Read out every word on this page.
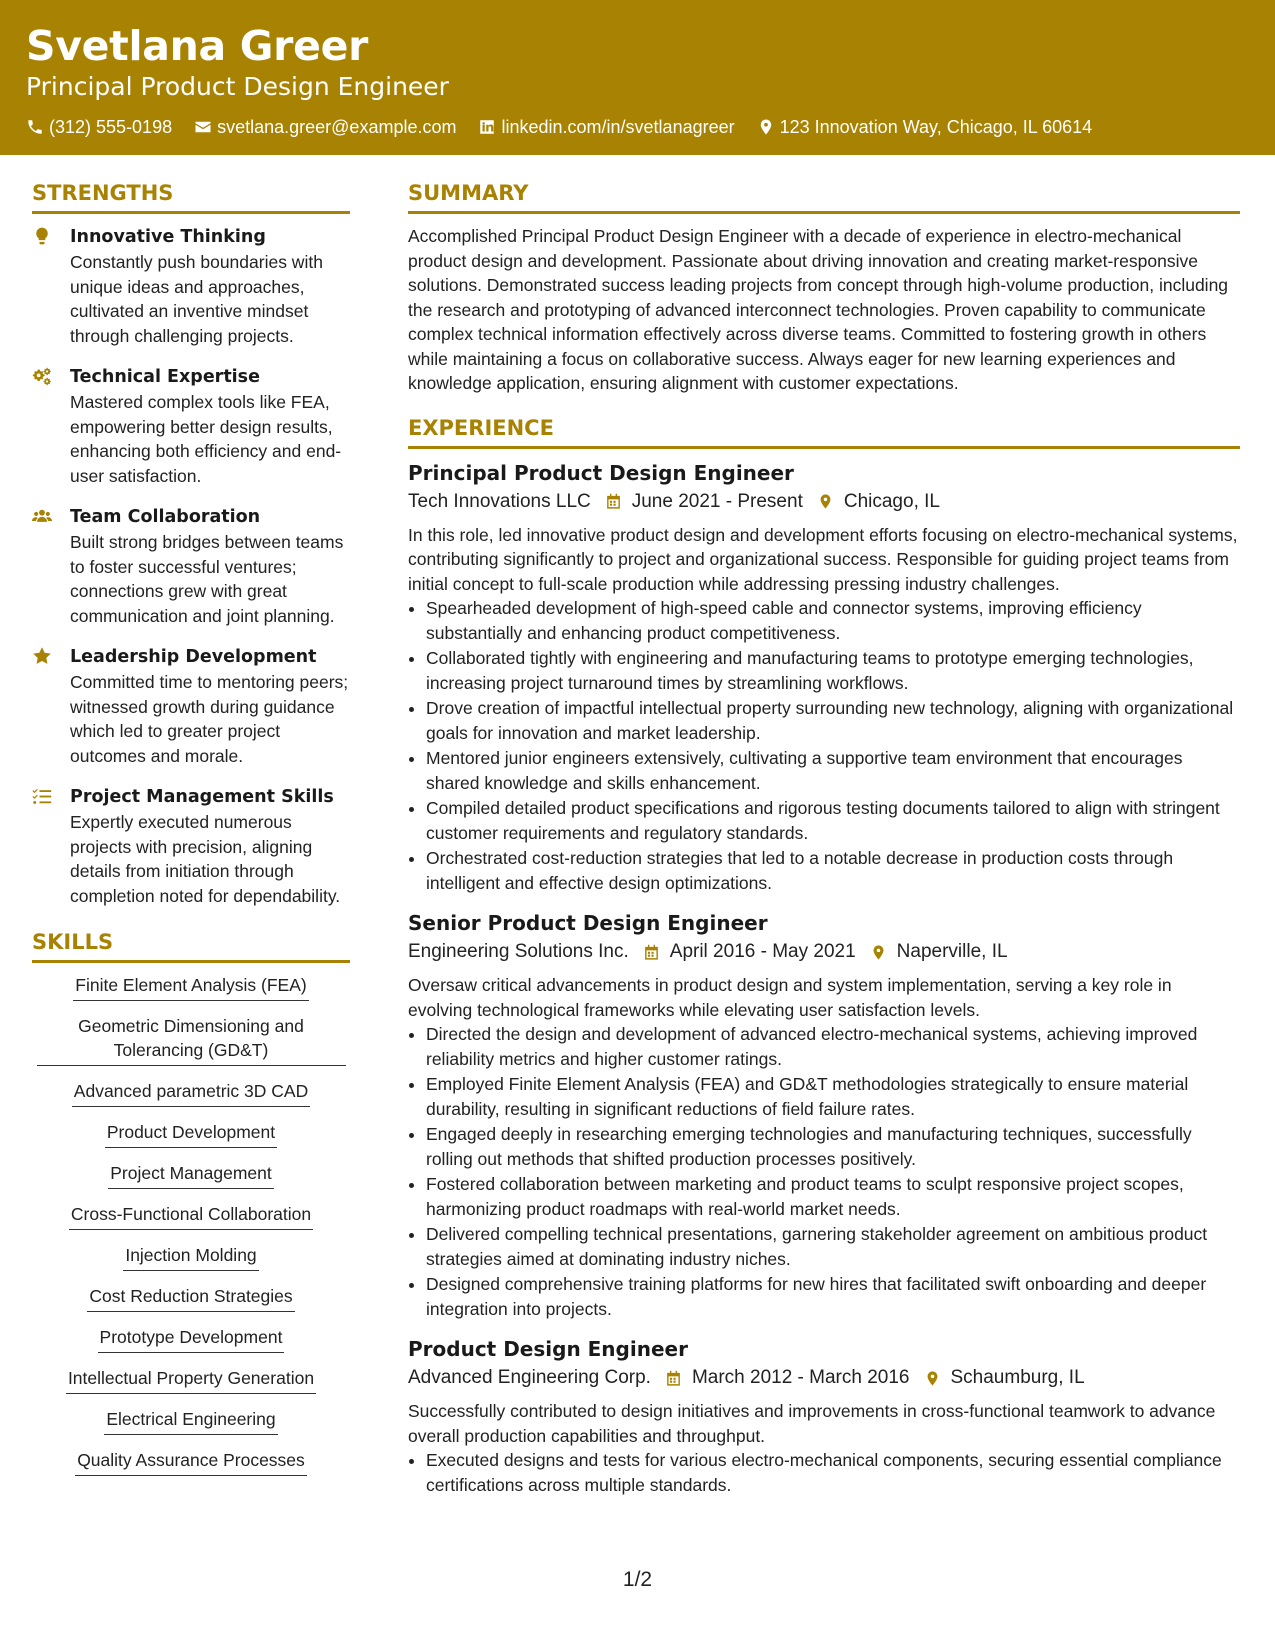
Svetlana Greer
Principal Product Design Engineer
(312) 555-0198	svetlana.greer@example.com	linkedin.com/in/svetlanagreer	123 Innovation Way, Chicago, IL 60614
STRENGTHS
Innovative Thinking
Constantly push boundaries with unique ideas and approaches, cultivated an inventive mindset through challenging projects.
Technical Expertise
Mastered complex tools like FEA, empowering better design results, enhancing both efficiency and end-user satisfaction.
Team Collaboration
Built strong bridges between teams to foster successful ventures; connections grew with great communication and joint planning.
Leadership Development
Committed time to mentoring peers; witnessed growth during guidance which led to greater project outcomes and morale.
Project Management Skills
Expertly executed numerous projects with precision, aligning details from initiation through completion noted for dependability.
SKILLS
Finite Element Analysis (FEA)
Geometric Dimensioning and Tolerancing (GD&T)
Advanced parametric 3D CAD
Product Development
Project Management
Cross-Functional Collaboration
Injection Molding
Cost Reduction Strategies
Prototype Development
Intellectual Property Generation
Electrical Engineering
Quality Assurance Processes
SUMMARY
Accomplished Principal Product Design Engineer with a decade of experience in electro-mechanical product design and development. Passionate about driving innovation and creating market-responsive solutions. Demonstrated success leading projects from concept through high-volume production, including the research and prototyping of advanced interconnect technologies. Proven capability to communicate complex technical information effectively across diverse teams. Committed to fostering growth in others while maintaining a focus on collaborative success. Always eager for new learning experiences and knowledge application, ensuring alignment with customer expectations.
EXPERIENCE
Principal Product Design Engineer
Tech Innovations LLC June 2021 - Present Chicago, IL
In this role, led innovative product design and development efforts focusing on electro-mechanical systems, contributing significantly to project and organizational success. Responsible for guiding project teams from initial concept to full-scale production while addressing pressing industry challenges.
• Spearheaded development of high-speed cable and connector systems, improving efficiency substantially and enhancing product competitiveness.
• Collaborated tightly with engineering and manufacturing teams to prototype emerging technologies, increasing project turnaround times by streamlining workflows.
• Drove creation of impactful intellectual property surrounding new technology, aligning with organizational goals for innovation and market leadership.
• Mentored junior engineers extensively, cultivating a supportive team environment that encourages shared knowledge and skills enhancement.
• Compiled detailed product specifications and rigorous testing documents tailored to align with stringent customer requirements and regulatory standards.
• Orchestrated cost-reduction strategies that led to a notable decrease in production costs through intelligent and effective design optimizations.
Senior Product Design Engineer
Engineering Solutions Inc. April 2016 - May 2021 Naperville, IL
Oversaw critical advancements in product design and system implementation, serving a key role in evolving technological frameworks while elevating user satisfaction levels.
• Directed the design and development of advanced electro-mechanical systems, achieving improved reliability metrics and higher customer ratings.
• Employed Finite Element Analysis (FEA) and GD&T methodologies strategically to ensure material durability, resulting in significant reductions of field failure rates.
• Engaged deeply in researching emerging technologies and manufacturing techniques, successfully rolling out methods that shifted production processes positively.
• Fostered collaboration between marketing and product teams to sculpt responsive project scopes, harmonizing product roadmaps with real-world market needs.
• Delivered compelling technical presentations, garnering stakeholder agreement on ambitious product strategies aimed at dominating industry niches.
• Designed comprehensive training platforms for new hires that facilitated swift onboarding and deeper integration into projects.
Product Design Engineer
Advanced Engineering Corp. March 2012 - March 2016 Schaumburg, IL
Successfully contributed to design initiatives and improvements in cross-functional teamwork to advance overall production capabilities and throughput.
• Executed designs and tests for various electro-mechanical components, securing essential compliance certifications across multiple standards.
1/2
